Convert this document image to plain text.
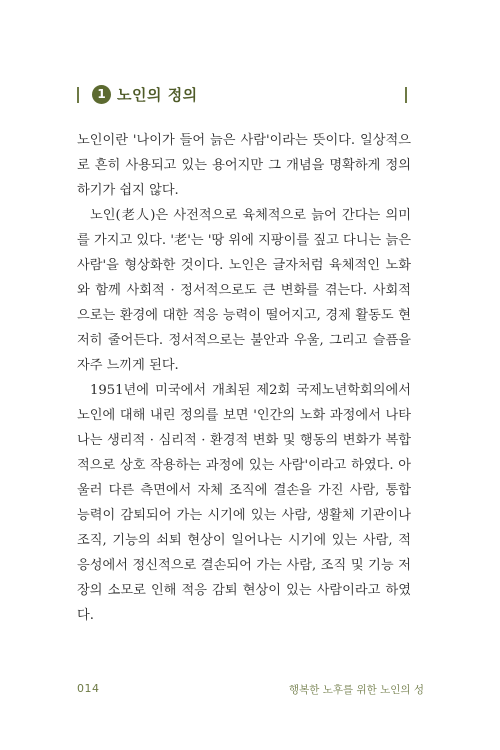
1 노인의 정의

노인이란 '나이가 들어 늙은 사람'이라는 뜻이다. 일상적으로 흔히 사용되고 있는 용어지만 그 개념을 명확하게 정의하기가 쉽지 않다.

노인(老人)은 사전적으로 육체적으로 늙어 간다는 의미를 가지고 있다. '老'는 '땅 위에 지팡이를 짚고 다니는 늙은 사람'을 형상화한 것이다. 노인은 글자처럼 육체적인 노화와 함께 사회적 · 정서적으로도 큰 변화를 겪는다. 사회적으로는 환경에 대한 적응 능력이 떨어지고, 경제 활동도 현저히 줄어든다. 정서적으로는 불안과 우울, 그리고 슬픔을 자주 느끼게 된다.

1951년에 미국에서 개최된 제2회 국제노년학회의에서 노인에 대해 내린 정의를 보면 '인간의 노화 과정에서 나타나는 생리적 · 심리적 · 환경적 변화 및 행동의 변화가 복합적으로 상호 작용하는 과정에 있는 사람'이라고 하였다. 아울러 다른 측면에서 자체 조직에 결손을 가진 사람, 통합 능력이 감퇴되어 가는 시기에 있는 사람, 생활체 기관이나 조직, 기능의 쇠퇴 현상이 일어나는 시기에 있는 사람, 적응성에서 정신적으로 결손되어 가는 사람, 조직 및 기능 저장의 소모로 인해 적응 감퇴 현상이 있는 사람이라고 하였다.

014	행복한 노후를 위한 노인의 성
